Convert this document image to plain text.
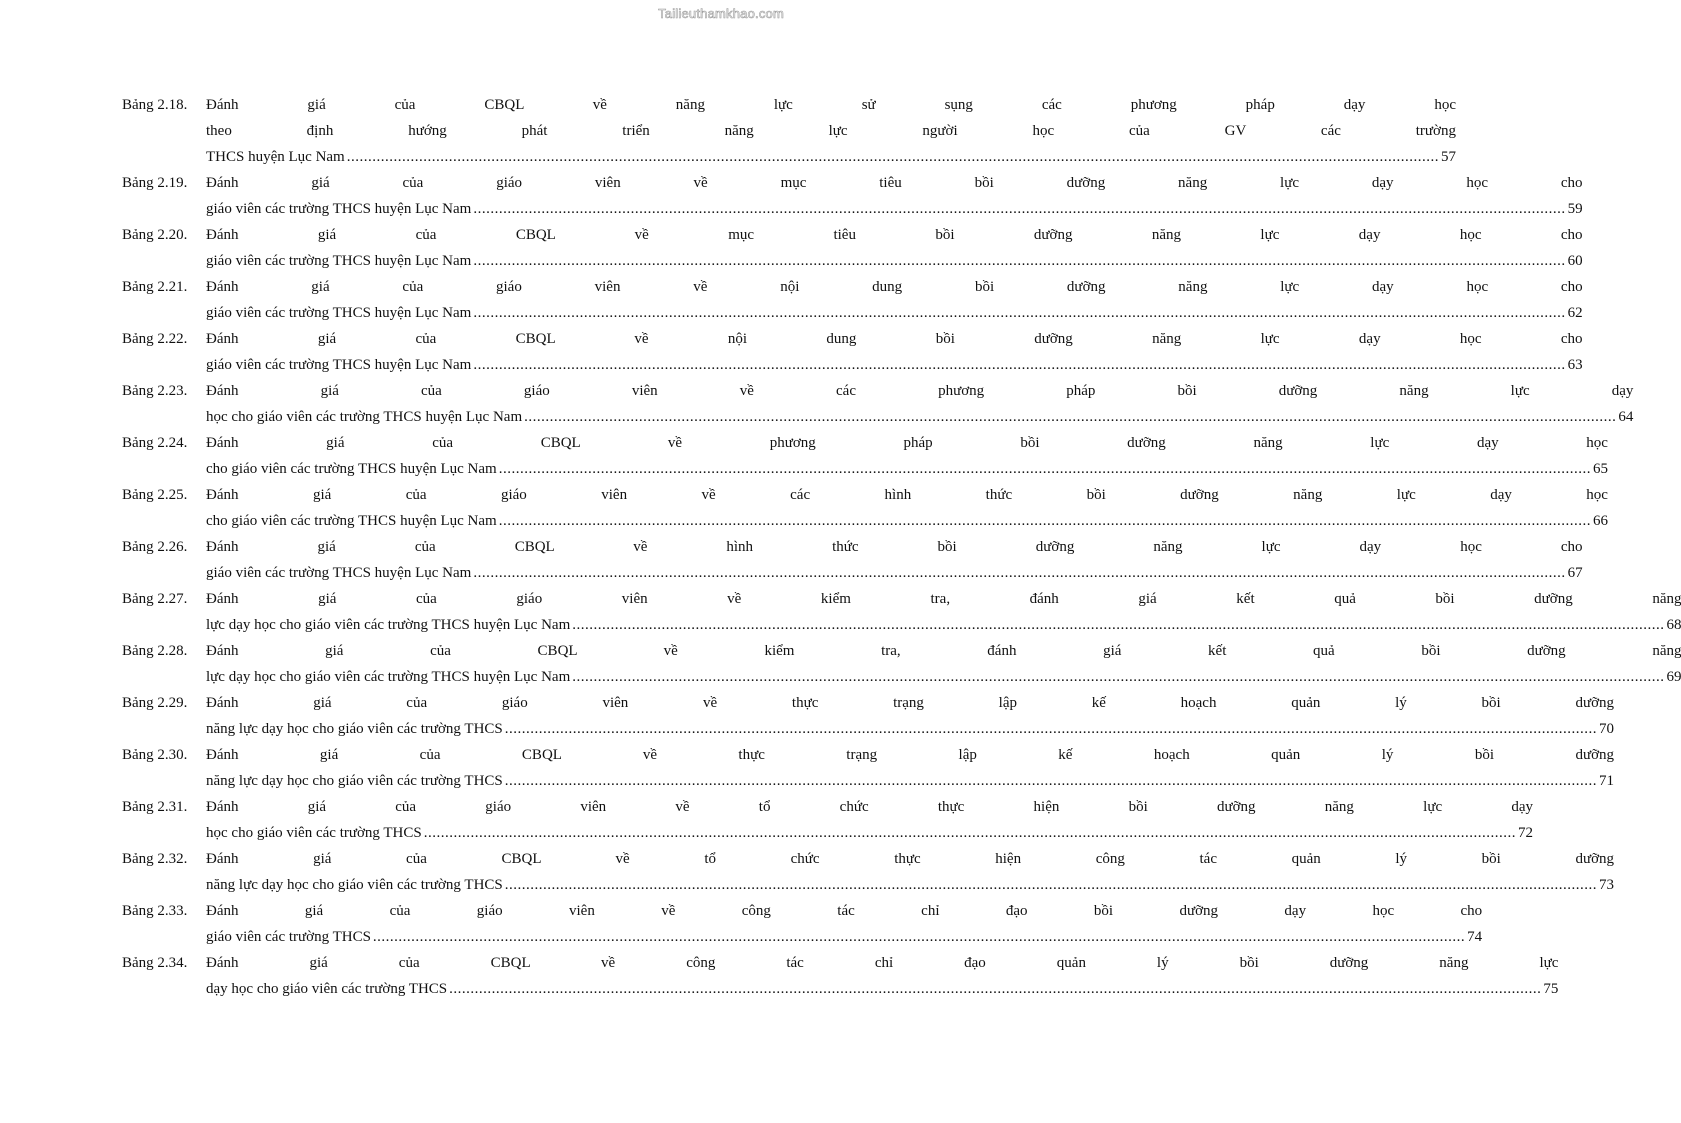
Tailieuthamkhao.com
Bảng 2.18.	Đánh giá của CBQL về năng lực sử sụng các phương pháp dạy học
theo định hướng phát triển năng lực người học của GV các trường
THCS huyện Lục Nam .....	57
Bảng 2.19.	Đánh giá của giáo viên về mục tiêu bồi dưỡng năng lực dạy học cho
giáo viên các trường THCS huyện Lục Nam .....	59
Bảng 2.20.	Đánh giá của CBQL về mục tiêu bồi dưỡng năng lực dạy học cho
giáo viên các trường THCS huyện Lục Nam .....	60
Bảng 2.21.	Đánh giá của giáo viên về nội dung bồi dưỡng năng lực dạy học cho
giáo viên các trường THCS huyện Lục Nam .....	62
Bảng 2.22.	Đánh giá của CBQL về nội dung bồi dưỡng năng lực dạy học cho
giáo viên các trường THCS huyện Lục Nam .....	63
Bảng 2.23.	Đánh giá của giáo viên về các phương pháp bồi dưỡng năng lực dạy
học cho giáo viên các trường THCS huyện Lục Nam .....	64
Bảng 2.24.	Đánh giá của CBQL về phương pháp bồi dưỡng năng lực dạy học
cho giáo viên các trường THCS huyện Lục Nam .....	65
Bảng 2.25.	Đánh giá của giáo viên về các hình thức bồi dưỡng năng lực dạy học
cho giáo viên các trường THCS huyện Lục Nam .....	66
Bảng 2.26.	Đánh giá của CBQL về hình thức bồi dưỡng năng lực dạy học cho
giáo viên các trường THCS huyện Lục Nam .....	67
Bảng 2.27.	Đánh giá của giáo viên về kiểm tra, đánh giá kết quả bồi dưỡng năng
lực dạy học cho giáo viên các trường THCS huyện Lục Nam .....	68
Bảng 2.28.	Đánh giá của CBQL về kiểm tra, đánh giá kết quả bồi dưỡng năng
lực dạy học cho giáo viên các trường THCS huyện Lục Nam .....	69
Bảng 2.29.	Đánh giá của giáo viên về thực trạng lập kế hoạch quản lý bồi dưỡng
năng lực dạy học cho giáo viên các trường THCS .....	70
Bảng 2.30.	Đánh giá của CBQL về thực trạng lập kế hoạch quản lý bồi dưỡng
năng lực dạy học cho giáo viên các trường THCS .....	71
Bảng 2.31.	Đánh giá của giáo viên về tổ chức thực hiện bồi dưỡng năng lực dạy
học cho giáo viên các trường THCS .....	72
Bảng 2.32.	Đánh giá của CBQL về tổ chức thực hiện công tác quản lý bồi dưỡng
năng lực dạy học cho giáo viên các trường THCS .....	73
Bảng 2.33.	Đánh giá của giáo viên về công tác chỉ đạo bồi dưỡng dạy học cho
giáo viên các trường THCS .....	74
Bảng 2.34.	Đánh giá của CBQL về công tác chỉ đạo quản lý bồi dưỡng năng lực
dạy học cho giáo viên các trường THCS .....	75
